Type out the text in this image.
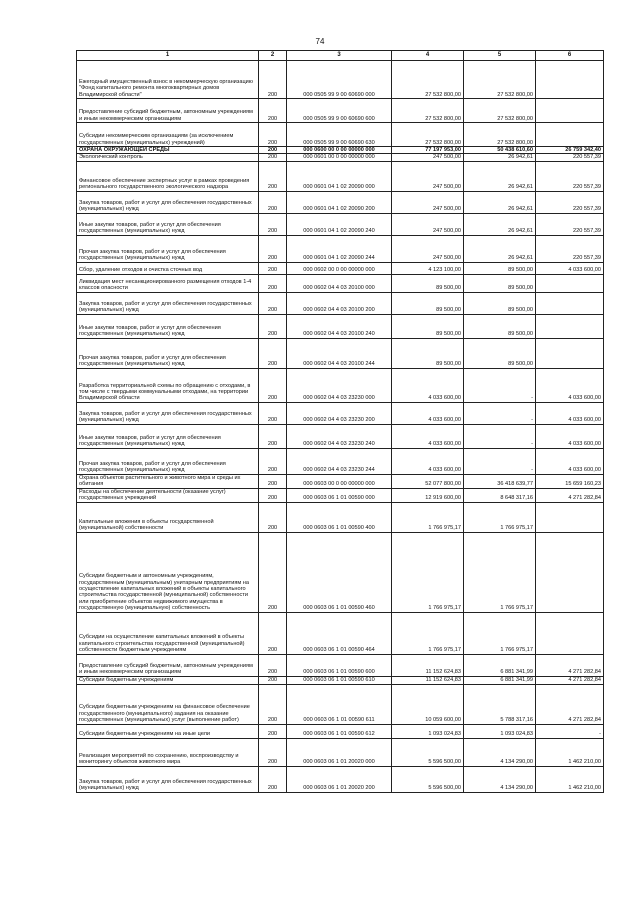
74
1	2	3	4	5	6
Ежегодный имущественный взнос в некоммерческую организацию "Фонд капитального ремонта многоквартирных домов Владимирской области"	200	000 0505 99 9 00 60690 000	27 532 800,00	27 532 800,00	
Предоставление субсидий бюджетным, автономным учреждениям и иным некоммерческим организациям	200	000 0505 99 9 00 60690 600	27 532 800,00	27 532 800,00	
Субсидии некоммерческим организациям (за исключением государственных (муниципальных) учреждений)	200	000 0505 99 9 00 60690 630	27 532 800,00	27 532 800,00	
ОХРАНА ОКРУЖАЮЩЕЙ СРЕДЫ	200	000 0600 00 0 00 00000 000	77 197 953,00	50 438 610,60	26 759 342,40
Экологический контроль	200	000 0601 00 0 00 00000 000	247 500,00	26 942,61	220 557,39
Финансовое обеспечение экспертных услуг в рамках проведения регионального государственного экологического надзора	200	000 0601 04 1 02 20090 000	247 500,00	26 942,61	220 557,39
Закупка товаров, работ и услуг для обеспечения государственных (муниципальных) нужд	200	000 0601 04 1 02 20090 200	247 500,00	26 942,61	220 557,39
Иные закупки товаров, работ и услуг для обеспечения государственных (муниципальных) нужд	200	000 0601 04 1 02 20090 240	247 500,00	26 942,61	220 557,39
Прочая закупка товаров, работ и услуг для обеспечения государственных (муниципальных) нужд	200	000 0601 04 1 02 20090 244	247 500,00	26 942,61	220 557,39
Сбор, удаление отходов и очистка сточных вод	200	000 0602 00 0 00 00000 000	4 123 100,00	89 500,00	4 033 600,00
Ликвидация мест несанкционированного размещения отходов 1-4 классов опасности	200	000 0602 04 4 03 20100 000	89 500,00	89 500,00	
Закупка товаров, работ и услуг для обеспечения государственных (муниципальных) нужд	200	000 0602 04 4 03 20100 200	89 500,00	89 500,00	
Иные закупки товаров, работ и услуг для обеспечения государственных (муниципальных) нужд	200	000 0602 04 4 03 20100 240	89 500,00	89 500,00	
Прочая закупка товаров, работ и услуг для обеспечения государственных (муниципальных) нужд	200	000 0602 04 4 03 20100 244	89 500,00	89 500,00	
Разработка территориальной схемы по обращению с отходами, в том числе с твердыми коммунальными отходами, на территории Владимирской области	200	000 0602 04 4 03 23230 000	4 033 600,00	-	4 033 600,00
Закупка товаров, работ и услуг для обеспечения государственных (муниципальных) нужд	200	000 0602 04 4 03 23230 200	4 033 600,00	-	4 033 600,00
Иные закупки товаров, работ и услуг для обеспечения государственных (муниципальных) нужд	200	000 0602 04 4 03 23230 240	4 033 600,00	-	4 033 600,00
Прочая закупка товаров, работ и услуг для обеспечения государственных (муниципальных) нужд	200	000 0602 04 4 03 23230 244	4 033 600,00	-	4 033 600,00
Охрана объектов растительного и животного мира и среды их обитания	200	000 0603 00 0 00 00000 000	52 077 800,00	36 418 639,77	15 659 160,23
Расходы на обеспечение деятельности (оказание услуг) государственных учреждений	200	000 0603 06 1 01 00590 000	12 919 600,00	8 648 317,16	4 271 282,84
Капитальные вложения в объекты государственной (муниципальной) собственности	200	000 0603 06 1 01 00590 400	1 766 975,17	1 766 975,17	
Субсидии бюджетным и автономным учреждениям, государственным (муниципальным) унитарным предприятиям на осуществление капитальных вложений в объекты капитального строительства государственной (муниципальной) собственности или приобретение объектов недвижимого имущества в государственную (муниципальную) собственность	200	000 0603 06 1 01 00590 460	1 766 975,17	1 766 975,17	
Субсидии на осуществление капитальных вложений в объекты капитального строительства государственной (муниципальной) собственности бюджетным учреждениям	200	000 0603 06 1 01 00590 464	1 766 975,17	1 766 975,17	
Предоставление субсидий бюджетным, автономным учреждениям и иным некоммерческим организациям	200	000 0603 06 1 01 00590 600	11 152 624,83	6 881 341,99	4 271 282,84
Субсидии бюджетным учреждениям	200	000 0603 06 1 01 00590 610	11 152 624,83	6 881 341,99	4 271 282,84
Субсидии бюджетным учреждениям на финансовое обеспечение государственного (муниципального) задания на оказание государственных (муниципальных) услуг (выполнение работ)	200	000 0603 06 1 01 00590 611	10 059 600,00	5 788 317,16	4 271 282,84
Субсидии бюджетным учреждениям на иные цели	200	000 0603 06 1 01 00590 612	1 093 024,83	1 093 024,83	-
Реализация мероприятий по сохранению, воспроизводству и мониторингу объектов животного мира	200	000 0603 06 1 01 20020 000	5 596 500,00	4 134 290,00	1 462 210,00
Закупка товаров, работ и услуг для обеспечения государственных (муниципальных) нужд	200	000 0603 06 1 01 20020 200	5 596 500,00	4 134 290,00	1 462 210,00
